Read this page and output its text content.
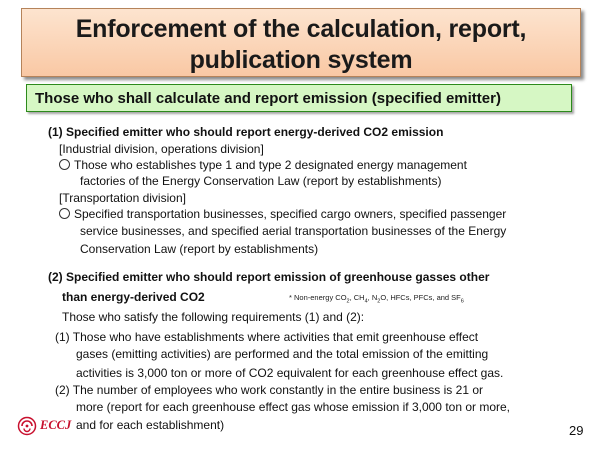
Enforcement of the calculation, report,
publication system
Those who shall calculate and report emission (specified emitter)
(1) Specified emitter who should report energy-derived CO2 emission
[Industrial division, operations division]
Those who establishes type 1 and type 2 designated energy management
factories of the Energy Conservation Law (report by establishments)
[Transportation division]
Specified transportation businesses, specified cargo owners, specified passenger
service businesses, and specified aerial transportation businesses of the Energy
Conservation Law (report by establishments)
(2) Specified emitter who should report emission of greenhouse gasses other
than energy-derived CO2	* Non-energy $CO_2$, $CH_4$, $N_2O$, HFCs, PFCs, and $SF_6$
Those who satisfy the following requirements (1) and (2):
(1) Those who have establishments where activities that emit greenhouse effect
gases (emitting activities) are performed and the total emission of the emitting
activities is 3,000 ton or more of CO2 equivalent for each greenhouse effect gas.
(2) The number of employees who work constantly in the entire business is 21 or
more (report for each greenhouse effect gas whose emission if 3,000 ton or more,
and for each establishment)
ECCJ	29
